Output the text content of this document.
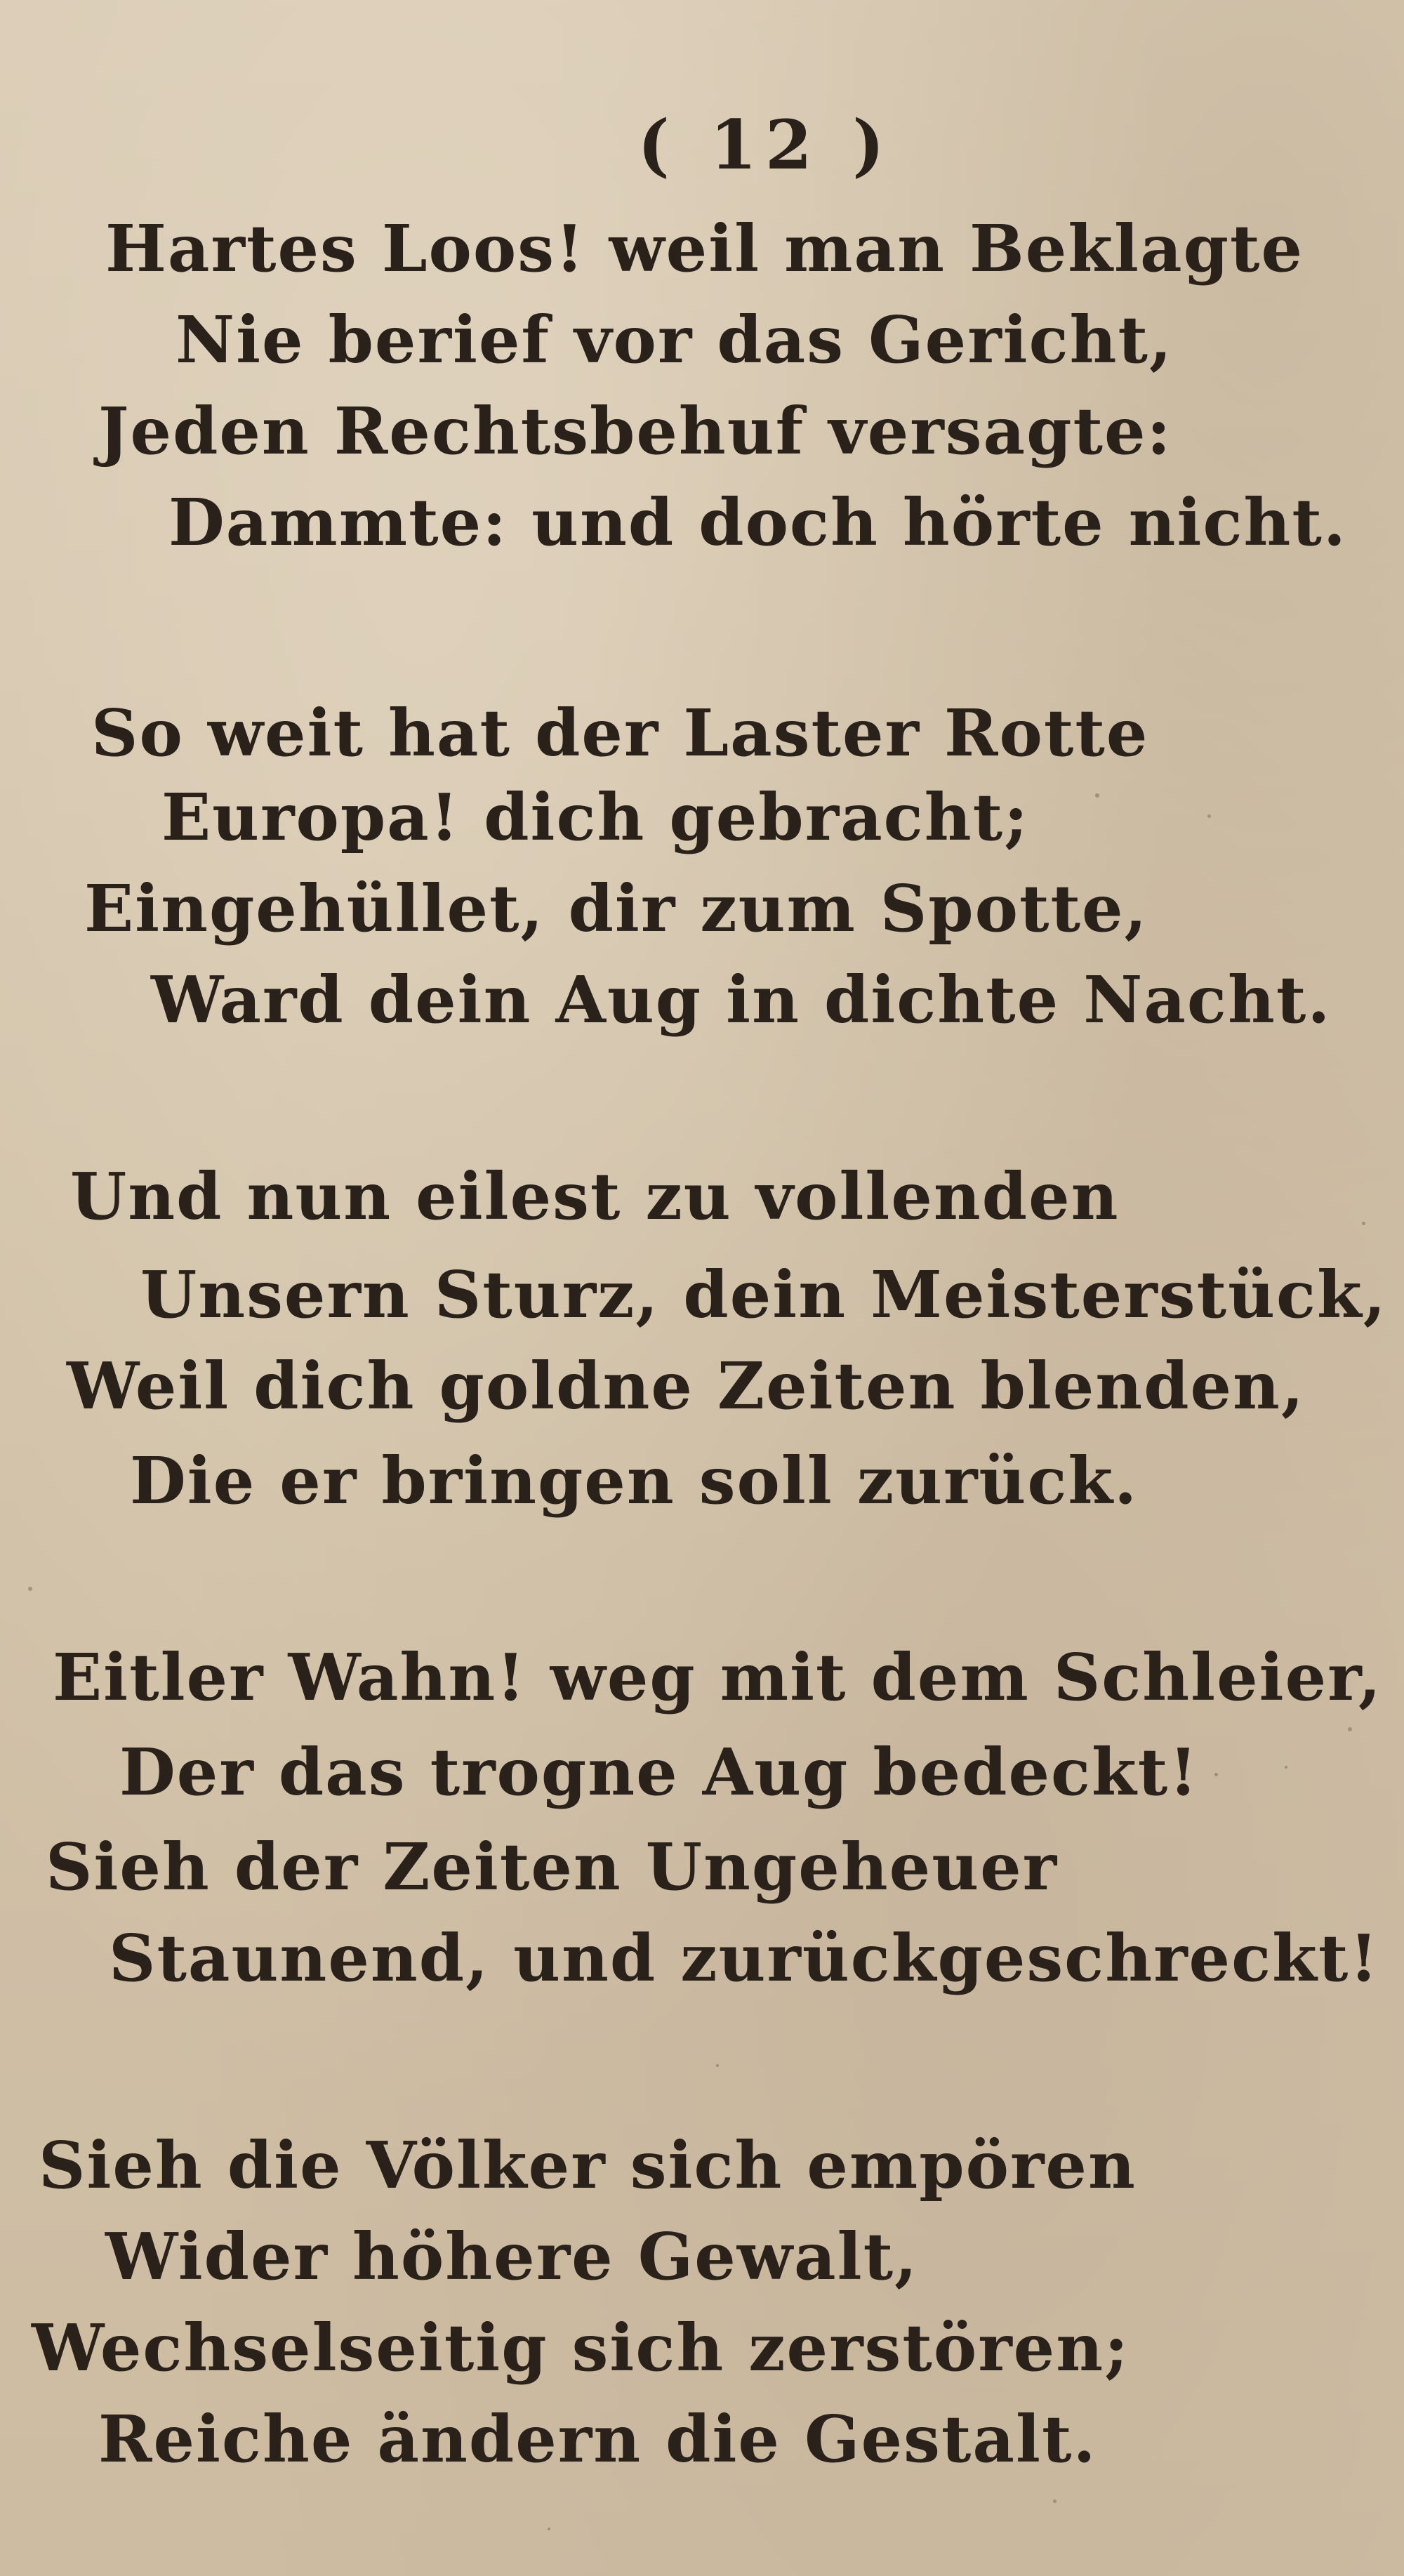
( 12 )
Hartes Loos! weil man Beklagte
Nie berief vor das Gericht,
Jeden Rechtsbehuf versagte:
Dammte: und doch hörte nicht.
So weit hat der Laster Rotte
Europa! dich gebracht;
Eingehüllet, dir zum Spotte,
Ward dein Aug in dichte Nacht.
Und nun eilest zu vollenden
Unsern Sturz, dein Meisterstück,
Weil dich goldne Zeiten blenden,
Die er bringen soll zurück.
Eitler Wahn! weg mit dem Schleier,
Der das trogne Aug bedeckt!
Sieh der Zeiten Ungeheuer
Staunend, und zurückgeschreckt!
Sieh die Völker sich empören
Wider höhere Gewalt,
Wechselseitig sich zerstören;
Reiche ändern die Gestalt.
